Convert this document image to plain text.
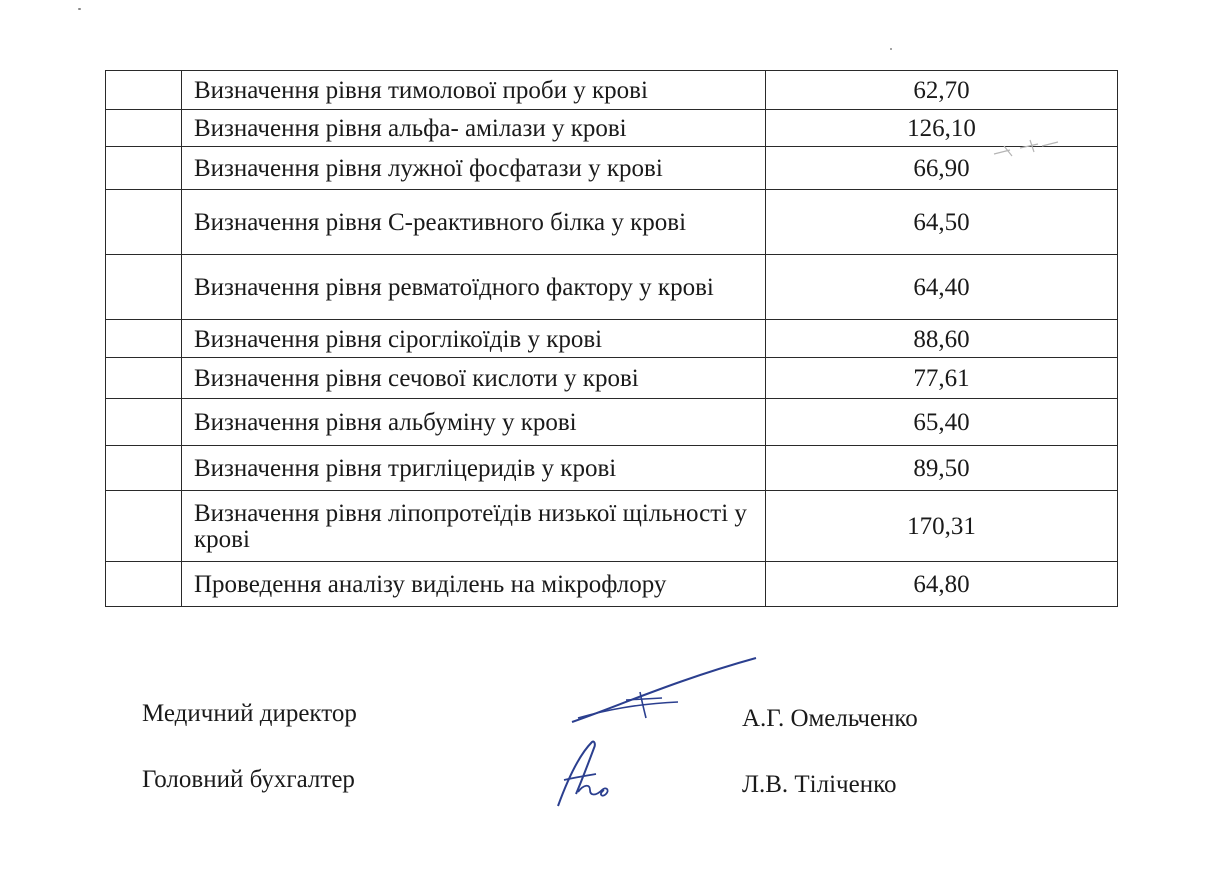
	Визначення рівня тимолової проби у крові	62,70
	Визначення рівня альфа- амілази у крові	126,10
	Визначення рівня лужної фосфатази у крові	66,90
	Визначення рівня С-реактивного білка у крові	64,50
	Визначення рівня ревматоїдного фактору у крові	64,40
	Визначення рівня сіроглікоїдів у крові	88,60
	Визначення рівня сечової кислоти у крові	77,61
	Визначення рівня альбуміну у крові	65,40
	Визначення рівня тригліцеридів у крові	89,50
	Визначення рівня ліпопротеїдів низької щільності у крові	170,31
	Проведення аналізу виділень на мікрофлору	64,80
Медичний директор	А.Г. Омельченко
Головний бухгалтер	Л.В. Тіліченко
